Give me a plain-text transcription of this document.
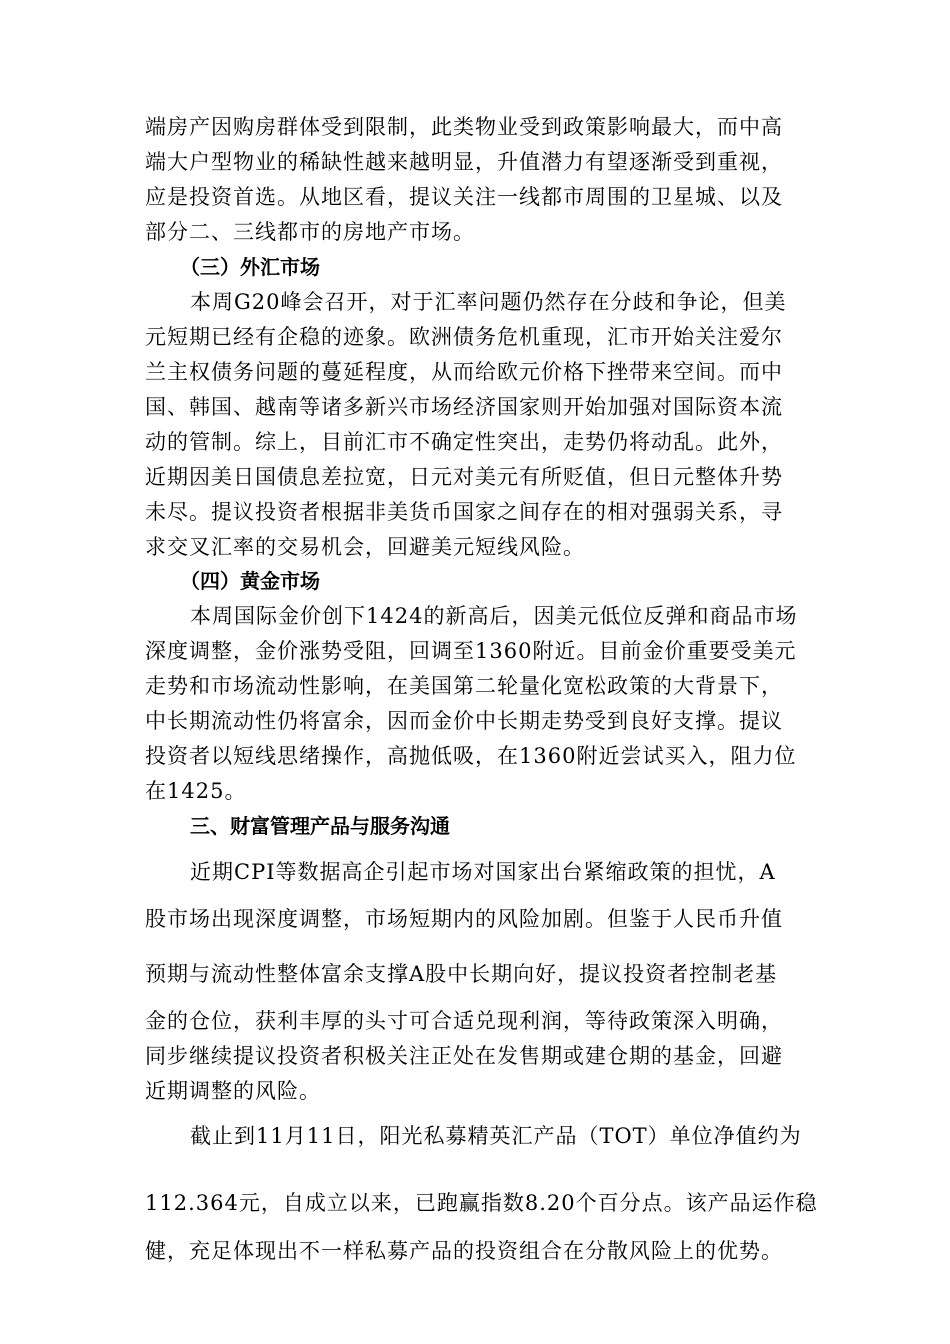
端房产因购房群体受到限制，此类物业受到政策影响最大，而中高
端大户型物业的稀缺性越来越明显，升值潜力有望逐渐受到重视，
应是投资首选。从地区看，提议关注一线都市周围的卫星城、以及
部分二、三线都市的房地产市场。
（三）外汇市场
本周G20峰会召开，对于汇率问题仍然存在分歧和争论，但美
元短期已经有企稳的迹象。欧洲债务危机重现，汇市开始关注爱尔
兰主权债务问题的蔓延程度，从而给欧元价格下挫带来空间。而中
国、韩国、越南等诸多新兴市场经济国家则开始加强对国际资本流
动的管制。综上，目前汇市不确定性突出，走势仍将动乱。此外，
近期因美日国债息差拉宽，日元对美元有所贬值，但日元整体升势
未尽。提议投资者根据非美货币国家之间存在的相对强弱关系，寻
求交叉汇率的交易机会，回避美元短线风险。
（四）黄金市场
本周国际金价创下1424的新高后，因美元低位反弹和商品市场
深度调整，金价涨势受阻，回调至1360附近。目前金价重要受美元
走势和市场流动性影响，在美国第二轮量化宽松政策的大背景下，
中长期流动性仍将富余，因而金价中长期走势受到良好支撑。提议
投资者以短线思绪操作，高抛低吸，在1360附近尝试买入，阻力位
在1425。
三、财富管理产品与服务沟通
近期CPI等数据高企引起市场对国家出台紧缩政策的担忧，A
股市场出现深度调整，市场短期内的风险加剧。但鉴于人民币升值
预期与流动性整体富余支撑A股中长期向好，提议投资者控制老基
金的仓位，获利丰厚的头寸可合适兑现利润，等待政策深入明确，
同步继续提议投资者积极关注正处在发售期或建仓期的基金，回避
近期调整的风险。
截止到11月11日，阳光私募精英汇产品（TOT）单位净值约为
112.364元，自成立以来，已跑赢指数8.20个百分点。该产品运作稳
健，充足体现出不一样私募产品的投资组合在分散风险上的优势。
